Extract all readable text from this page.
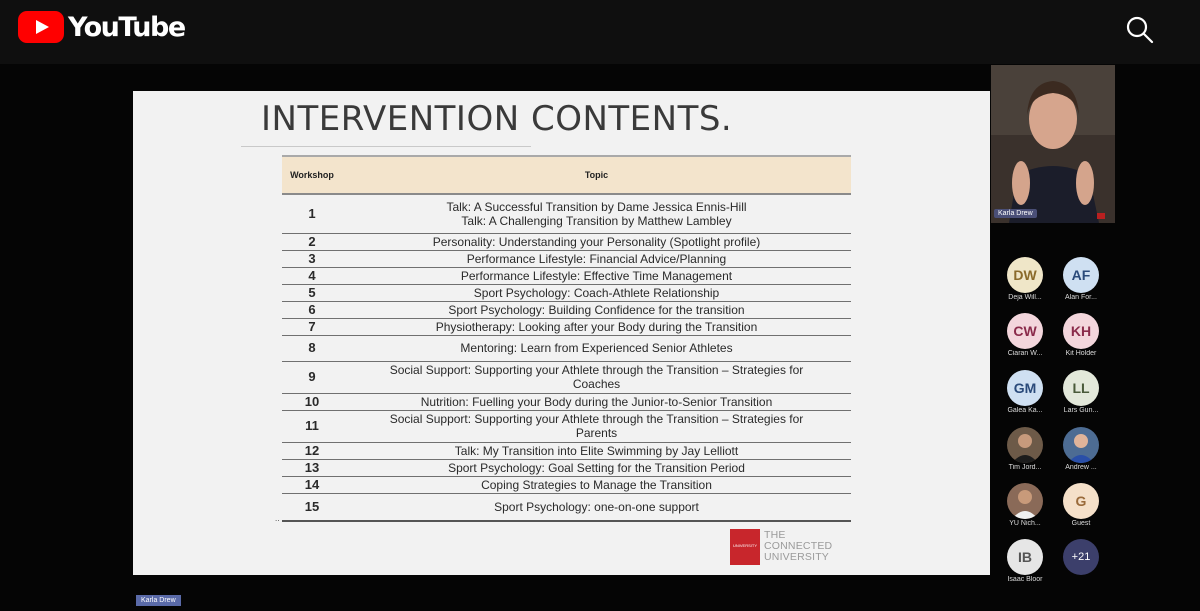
YouTube
INTERVENTION CONTENTS.
Workshop	Topic
1	Talk: A Successful Transition by Dame Jessica Ennis-Hill
Talk: A Challenging Transition by Matthew Lambley
2	Personality: Understanding your Personality (Spotlight profile)
3	Performance Lifestyle: Financial Advice/Planning
4	Performance Lifestyle: Effective Time Management
5	Sport Psychology: Coach-Athlete Relationship
6	Sport Psychology: Building Confidence for the transition
7	Physiotherapy: Looking after your Body during the Transition
8	Mentoring: Learn from Experienced Senior Athletes
9	Social Support: Supporting your Athlete through the Transition – Strategies for
Coaches
10	Nutrition: Fuelling your Body during the Junior-to-Senior Transition
11	Social Support: Supporting your Athlete through the Transition – Strategies for
Parents
12	Talk: My Transition into Elite Swimming by Jay Lelliott
13	Sport Psychology: Goal Setting for the Transition Period
14	Coping Strategies to Manage the Transition
15	Sport Psychology: one-on-one support
..
UNIVERSITY
THE
CONNECTED
UNIVERSITY
Karla Drew
DW
Deja Will...
AF
Alan For...
CW
Ciaran W...
KH
Kit Holder
GM
Galea Ka...
LL
Lars Gun...
Tim Jord...	Andrew ...
YU Nich...
G
Guest
IB
Isaac Bloor
+21
Karla Drew
